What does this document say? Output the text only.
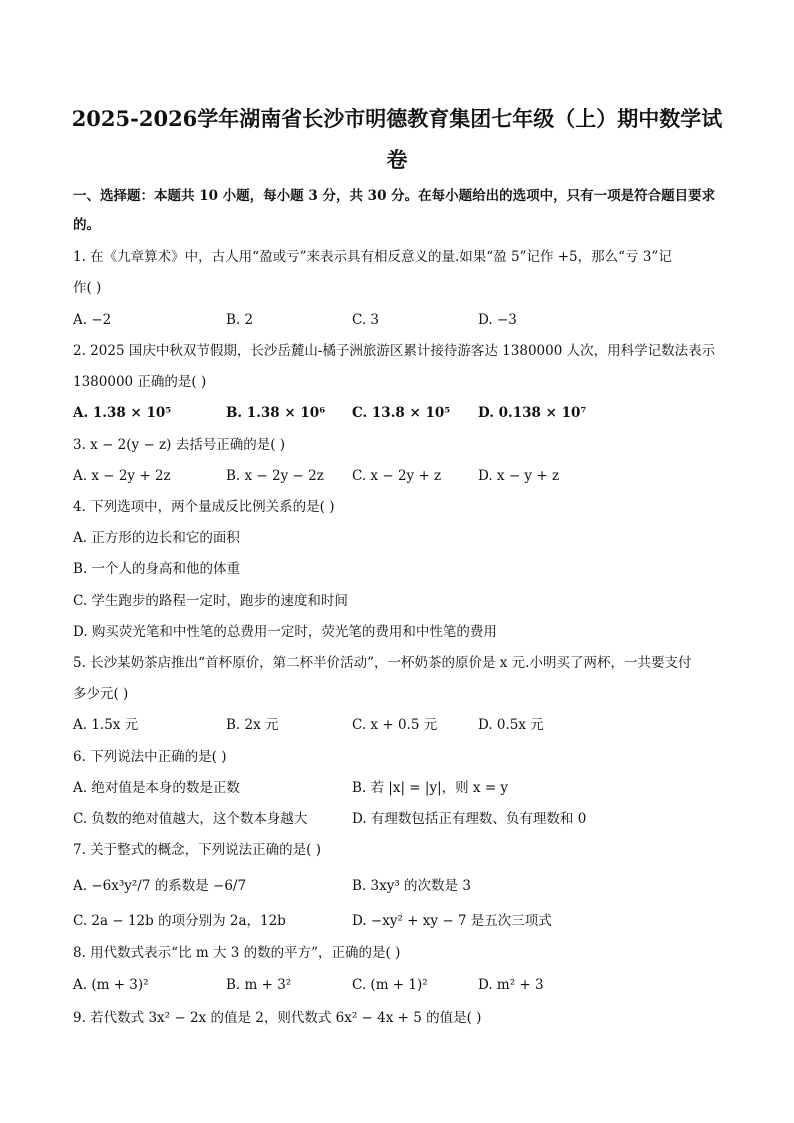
2025-2026学年湖南省长沙市明德教育集团七年级（上）期中数学试
卷
一、选择题：本题共 10 小题，每小题 3 分，共 30 分。在每小题给出的选项中，只有一项是符合题目要求
的。
1. 在《九章算术》中，古人用“盈或亏”来表示具有相反意义的量.如果“盈 5”记作 +5，那么“亏 3”记
作( )
A. −2	B. 2	C. 3	D. −3
2. 2025 国庆中秋双节假期，长沙岳麓山-橘子洲旅游区累计接待游客达 1380000 人次，用科学记数法表示
1380000 正确的是( )
A. 1.38 × 10⁵	B. 1.38 × 10⁶ C. 13.8 × 10⁵ D. 0.138 × 10⁷
3. x − 2(y − z) 去括号正确的是( )
A. x − 2y + 2z	B. x − 2y − 2z C. x − 2y + z	D. x − y + z
4. 下列选项中，两个量成反比例关系的是( )
A. 正方形的边长和它的面积
B. 一个人的身高和他的体重
C. 学生跑步的路程一定时，跑步的速度和时间
D. 购买荧光笔和中性笔的总费用一定时，荧光笔的费用和中性笔的费用
5. 长沙某奶茶店推出“首杯原价，第二杯半价活动”，一杯奶茶的原价是 x 元.小明买了两杯，一共要支付
多少元( )
A. 1.5x 元	B. 2x 元	C. x + 0.5 元	D. 0.5x 元
6. 下列说法中正确的是( )
A. 绝对值是本身的数是正数	B. 若 |x| = |y|，则 x = y
C. 负数的绝对值越大，这个数本身越大	D. 有理数包括正有理数、负有理数和 0
7. 关于整式的概念，下列说法正确的是( )
A. −6x³y²/7 的系数是 −6/7	B. 3xy³ 的次数是 3
C. 2a − 12b 的项分别为 2a，12b	D. −xy² + xy − 7 是五次三项式
8. 用代数式表示“比 m 大 3 的数的平方”，正确的是( )
A. (m + 3)²	B. m + 3²	C. (m + 1)²	D. m² + 3
9. 若代数式 3x² − 2x 的值是 2，则代数式 6x² − 4x + 5 的值是( )
